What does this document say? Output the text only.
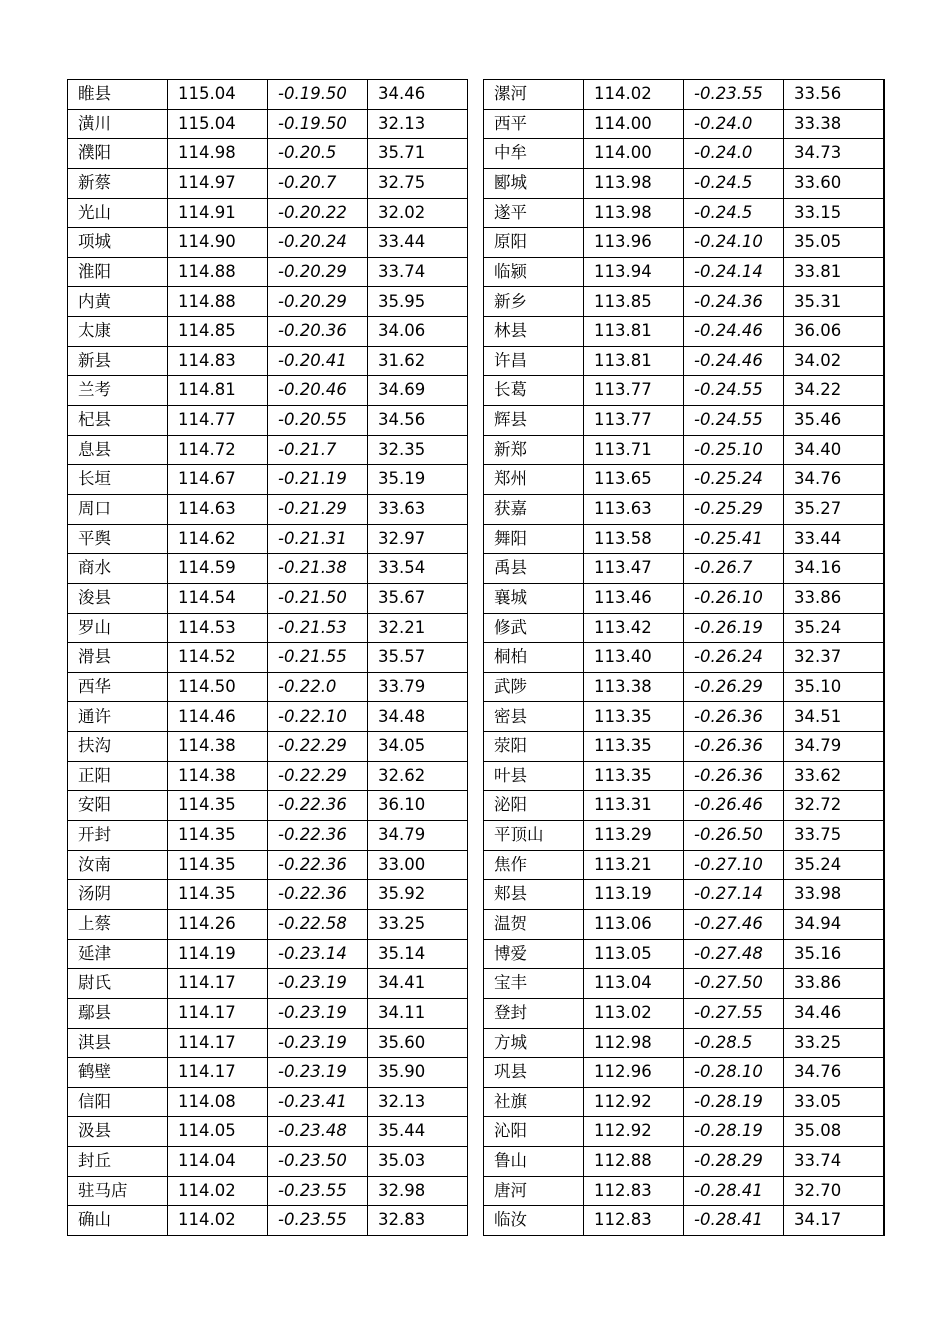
睢县	115.04	-0.19.50	34.46
潢川	115.04	-0.19.50	32.13
濮阳	114.98	-0.20.5	35.71
新蔡	114.97	-0.20.7	32.75
光山	114.91	-0.20.22	32.02
项城	114.90	-0.20.24	33.44
淮阳	114.88	-0.20.29	33.74
内黄	114.88	-0.20.29	35.95
太康	114.85	-0.20.36	34.06
新县	114.83	-0.20.41	31.62
兰考	114.81	-0.20.46	34.69
杞县	114.77	-0.20.55	34.56
息县	114.72	-0.21.7	32.35
长垣	114.67	-0.21.19	35.19
周口	114.63	-0.21.29	33.63
平舆	114.62	-0.21.31	32.97
商水	114.59	-0.21.38	33.54
浚县	114.54	-0.21.50	35.67
罗山	114.53	-0.21.53	32.21
滑县	114.52	-0.21.55	35.57
西华	114.50	-0.22.0	33.79
通许	114.46	-0.22.10	34.48
扶沟	114.38	-0.22.29	34.05
正阳	114.38	-0.22.29	32.62
安阳	114.35	-0.22.36	36.10
开封	114.35	-0.22.36	34.79
汝南	114.35	-0.22.36	33.00
汤阴	114.35	-0.22.36	35.92
上蔡	114.26	-0.22.58	33.25
延津	114.19	-0.23.14	35.14
尉氏	114.17	-0.23.19	34.41
鄢县	114.17	-0.23.19	34.11
淇县	114.17	-0.23.19	35.60
鹤壁	114.17	-0.23.19	35.90
信阳	114.08	-0.23.41	32.13
汲县	114.05	-0.23.48	35.44
封丘	114.04	-0.23.50	35.03
驻马店	114.02	-0.23.55	32.98
确山	114.02	-0.23.55	32.83
漯河	114.02	-0.23.55	33.56
西平	114.00	-0.24.0	33.38
中牟	114.00	-0.24.0	34.73
郾城	113.98	-0.24.5	33.60
遂平	113.98	-0.24.5	33.15
原阳	113.96	-0.24.10	35.05
临颍	113.94	-0.24.14	33.81
新乡	113.85	-0.24.36	35.31
林县	113.81	-0.24.46	36.06
许昌	113.81	-0.24.46	34.02
长葛	113.77	-0.24.55	34.22
辉县	113.77	-0.24.55	35.46
新郑	113.71	-0.25.10	34.40
郑州	113.65	-0.25.24	34.76
获嘉	113.63	-0.25.29	35.27
舞阳	113.58	-0.25.41	33.44
禹县	113.47	-0.26.7	34.16
襄城	113.46	-0.26.10	33.86
修武	113.42	-0.26.19	35.24
桐柏	113.40	-0.26.24	32.37
武陟	113.38	-0.26.29	35.10
密县	113.35	-0.26.36	34.51
荥阳	113.35	-0.26.36	34.79
叶县	113.35	-0.26.36	33.62
泌阳	113.31	-0.26.46	32.72
平顶山	113.29	-0.26.50	33.75
焦作	113.21	-0.27.10	35.24
郏县	113.19	-0.27.14	33.98
温贺	113.06	-0.27.46	34.94
博爱	113.05	-0.27.48	35.16
宝丰	113.04	-0.27.50	33.86
登封	113.02	-0.27.55	34.46
方城	112.98	-0.28.5	33.25
巩县	112.96	-0.28.10	34.76
社旗	112.92	-0.28.19	33.05
沁阳	112.92	-0.28.19	35.08
鲁山	112.88	-0.28.29	33.74
唐河	112.83	-0.28.41	32.70
临汝	112.83	-0.28.41	34.17
